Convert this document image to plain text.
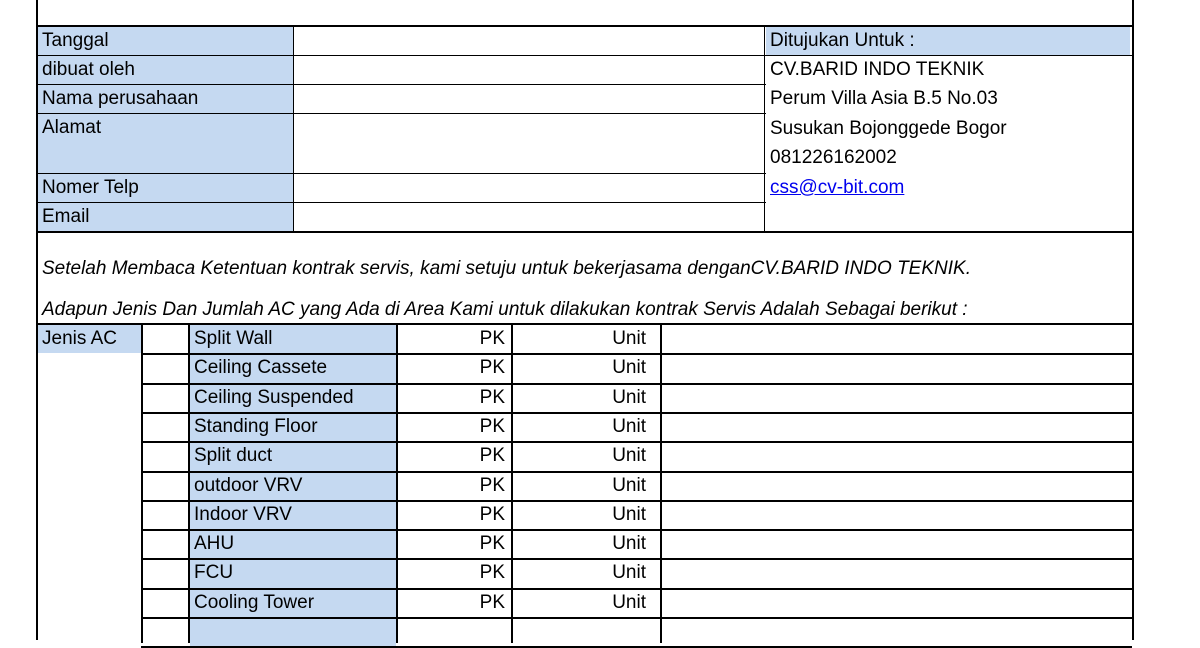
Tanggal
dibuat oleh
Nama perusahaan
Alamat
Nomer Telp
Email
Ditujukan Untuk :
CV.BARID INDO TEKNIK
Perum Villa Asia B.5 No.03
Susukan Bojonggede Bogor
081226162002
css@cv-bit.com
Setelah Membaca Ketentuan kontrak servis, kami setuju untuk bekerjasama denganCV.BARID INDO TEKNIK.
Adapun Jenis Dan Jumlah AC yang Ada di Area Kami untuk dilakukan kontrak Servis Adalah Sebagai berikut :
Jenis AC	Split Wall	PK	Unit
Ceiling Cassete	PK	Unit
Ceiling Suspended	PK	Unit
Standing Floor	PK	Unit
Split duct	PK	Unit
outdoor VRV	PK	Unit
Indoor VRV	PK	Unit
AHU	PK	Unit
FCU	PK	Unit
Cooling Tower	PK	Unit
